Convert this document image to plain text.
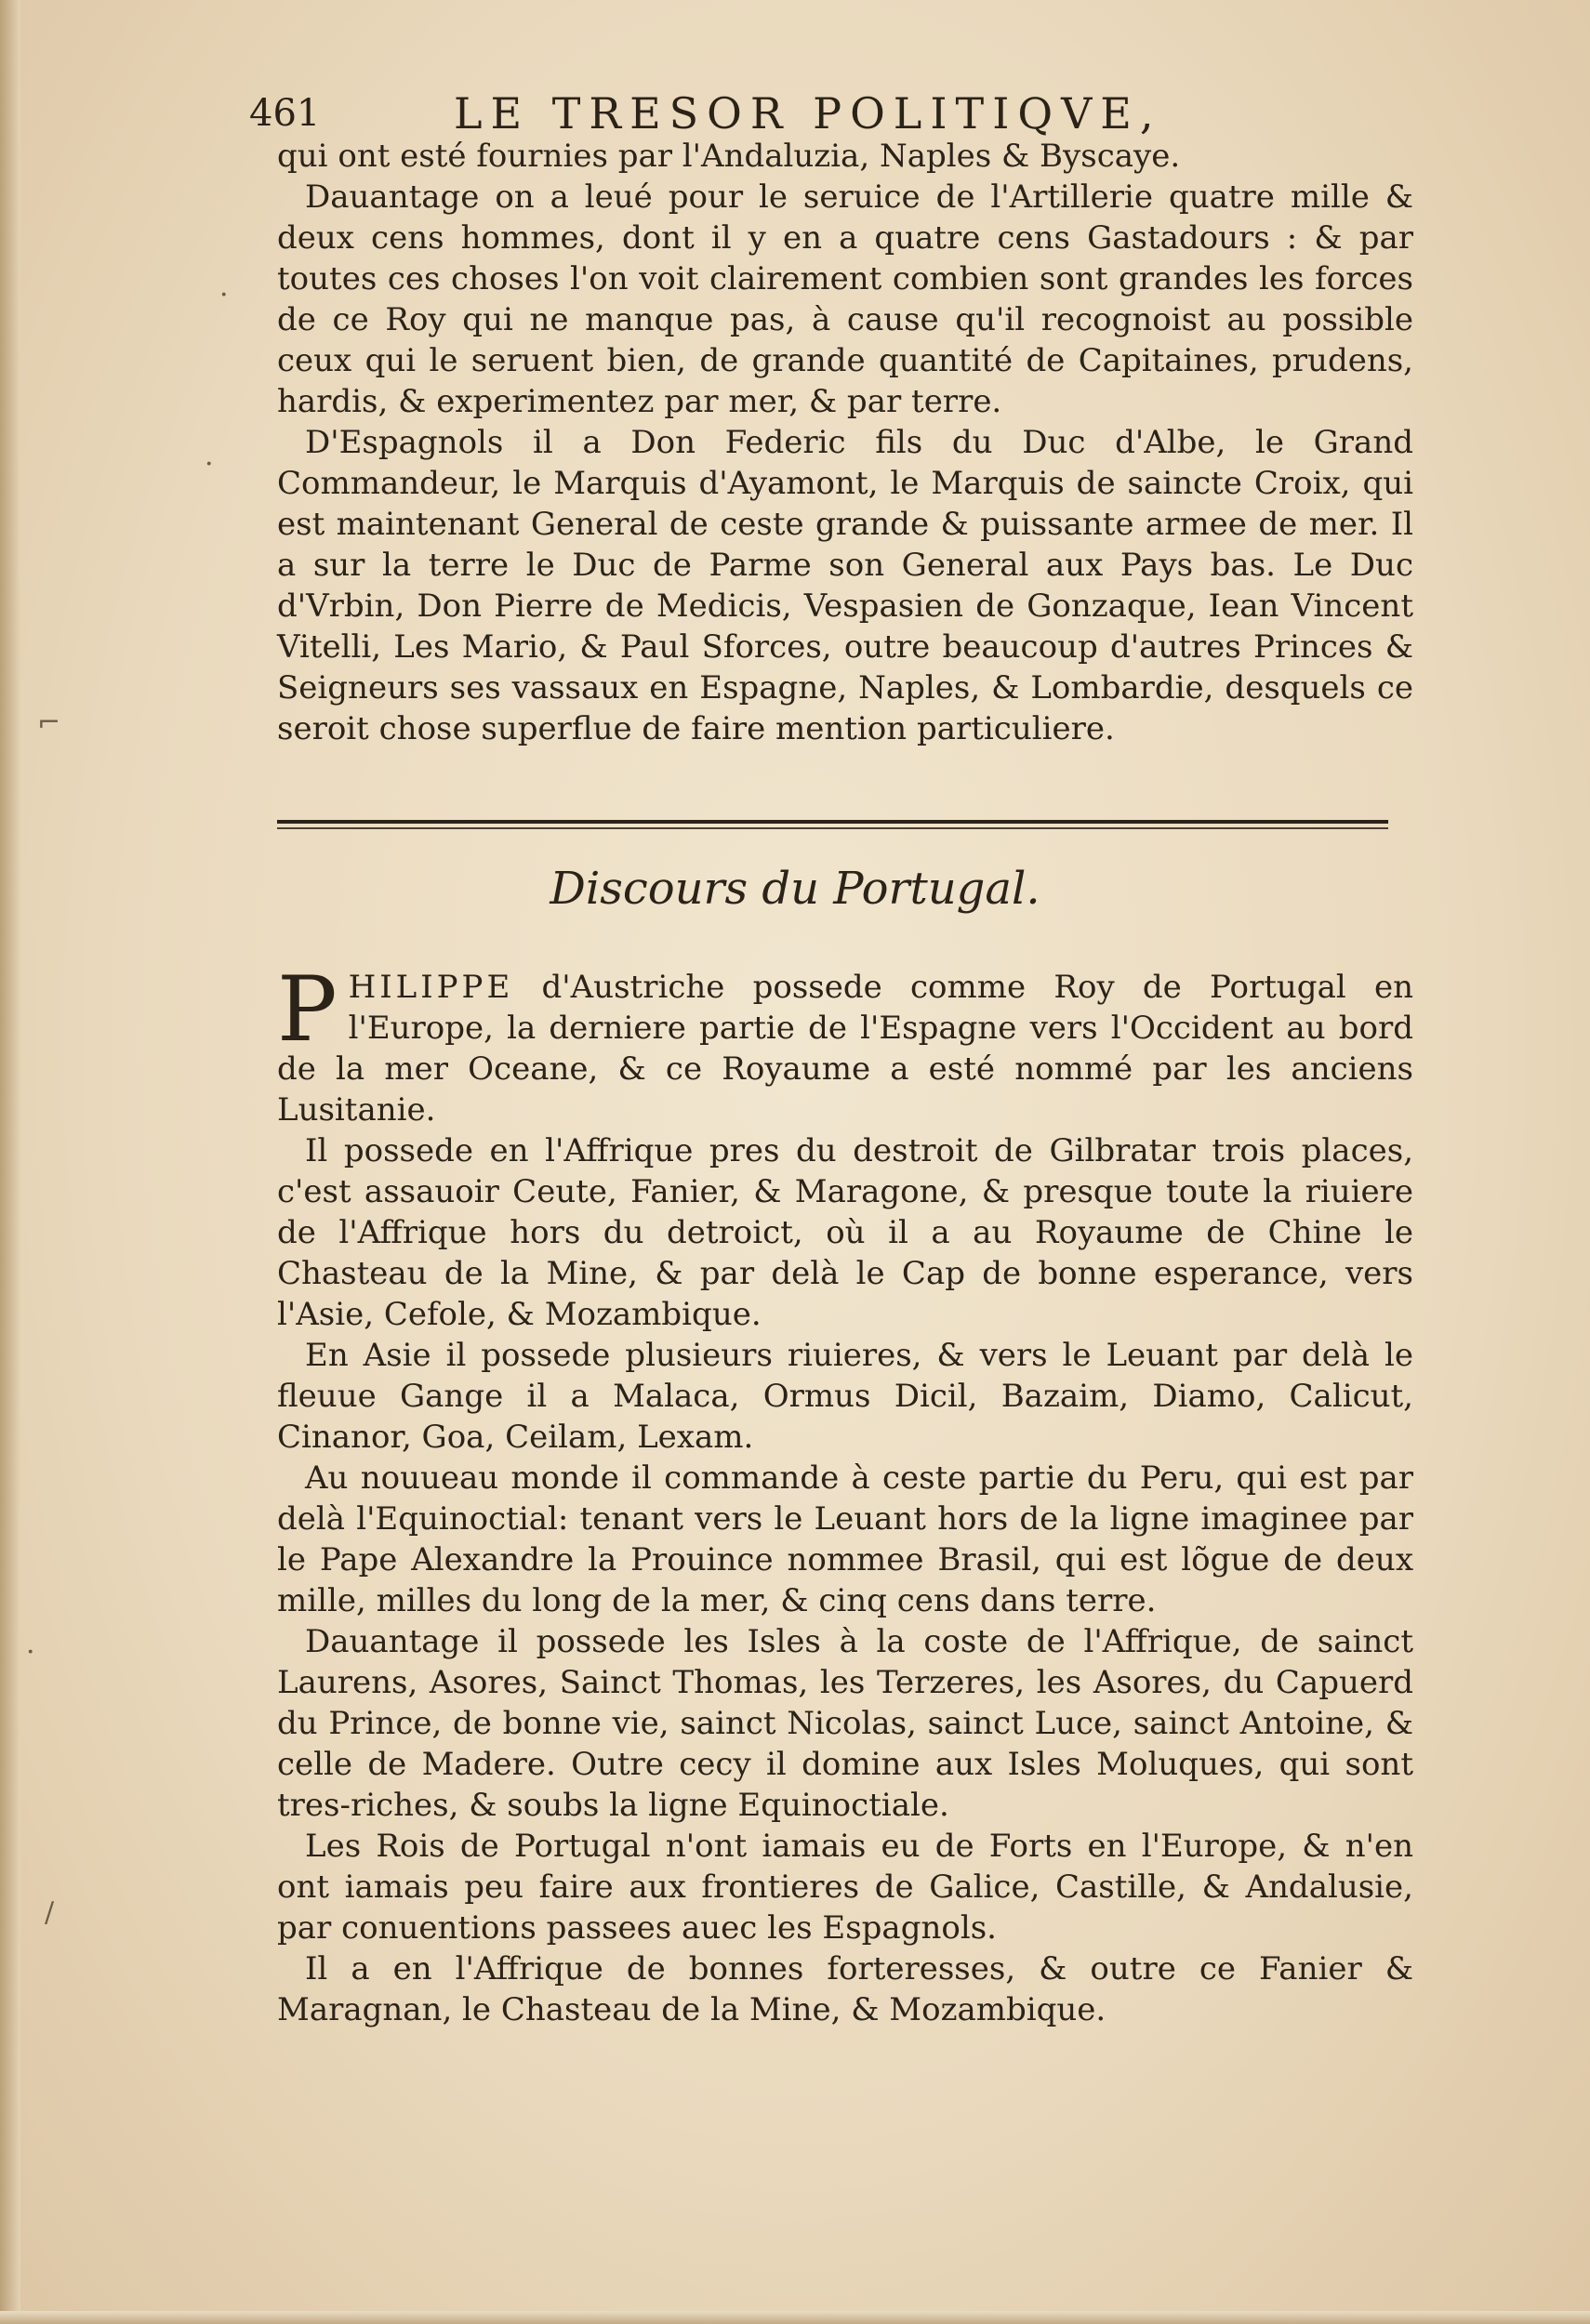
461	LE TRESOR POLITIQVE,

qui ont esté fournies par l'Andaluzia, Naples & Byscaye.

Dauantage on a leué pour le seruice de l'Artillerie quatre mille & deux cens hommes, dont il y en a quatre cens Gastadours : & par toutes ces choses l'on voit clairement combien sont grandes les forces de ce Roy qui ne manque pas, à cause qu'il recognoist au possible ceux qui le seruent bien, de grande quantité de Capitaines, prudens, hardis, & experimentez par mer, & par terre.

D'Espagnols il a Don Federic fils du Duc d'Albe, le Grand Commandeur, le Marquis d'Ayamont, le Marquis de saincte Croix, qui est maintenant General de ceste grande & puissante armee de mer. Il a sur la terre le Duc de Parme son General aux Pays bas. Le Duc d'Vrbin, Don Pierre de Medicis, Vespasien de Gonzaque, Iean Vincent Vitelli, Les Mario, & Paul Sforces, outre beaucoup d'autres Princes & Seigneurs ses vassaux en Espagne, Naples, & Lombardie, desquels ce seroit chose superflue de faire mention particuliere.

Discours du Portugal.

P HILIPPE d'Austriche possede comme Roy de Portugal en l'Europe, la derniere partie de l'Espagne vers l'Occident au bord de la mer Oceane, & ce Royaume a esté nommé par les anciens Lusitanie.

Il possede en l'Affrique pres du destroit de Gilbratar trois places, c'est assauoir Ceute, Fanier, & Maragone, & presque toute la riuiere de l'Affrique hors du detroict, où il a au Royaume de Chine le Chasteau de la Mine, & par delà le Cap de bonne esperance, vers l'Asie, Cefole, & Mozambique.

En Asie il possede plusieurs riuieres, & vers le Leuant par delà le fleuue Gange il a Malaca, Ormus Dicil, Bazaim, Diamo, Calicut, Cinanor, Goa, Ceilam, Lexam.

Au nouueau monde il commande à ceste partie du Peru, qui est par delà l'Equinoctial: tenant vers le Leuant hors de la ligne imaginee par le Pape Alexandre la Prouince nommee Brasil, qui est lõgue de deux mille, milles du long de la mer, & cinq cens dans terre.

Dauantage il possede les Isles à la coste de l'Affrique, de sainct Laurens, Asores, Sainct Thomas, les Terzeres, les Asores, du Capuerd du Prince, de bonne vie, sainct Nicolas, sainct Luce, sainct Antoine, & celle de Madere. Outre cecy il domine aux Isles Moluques, qui sont tres-riches, & soubs la ligne Equinoctiale.

Les Rois de Portugal n'ont iamais eu de Forts en l'Europe, & n'en ont iamais peu faire aux frontieres de Galice, Castille, & Andalusie, par conuentions passees auec les Espagnols.

Il a en l'Affrique de bonnes forteresses, & outre ce Fanier & Maragnan, le Chasteau de la Mine, & Mozambique.

·
·
⌐
·
/
